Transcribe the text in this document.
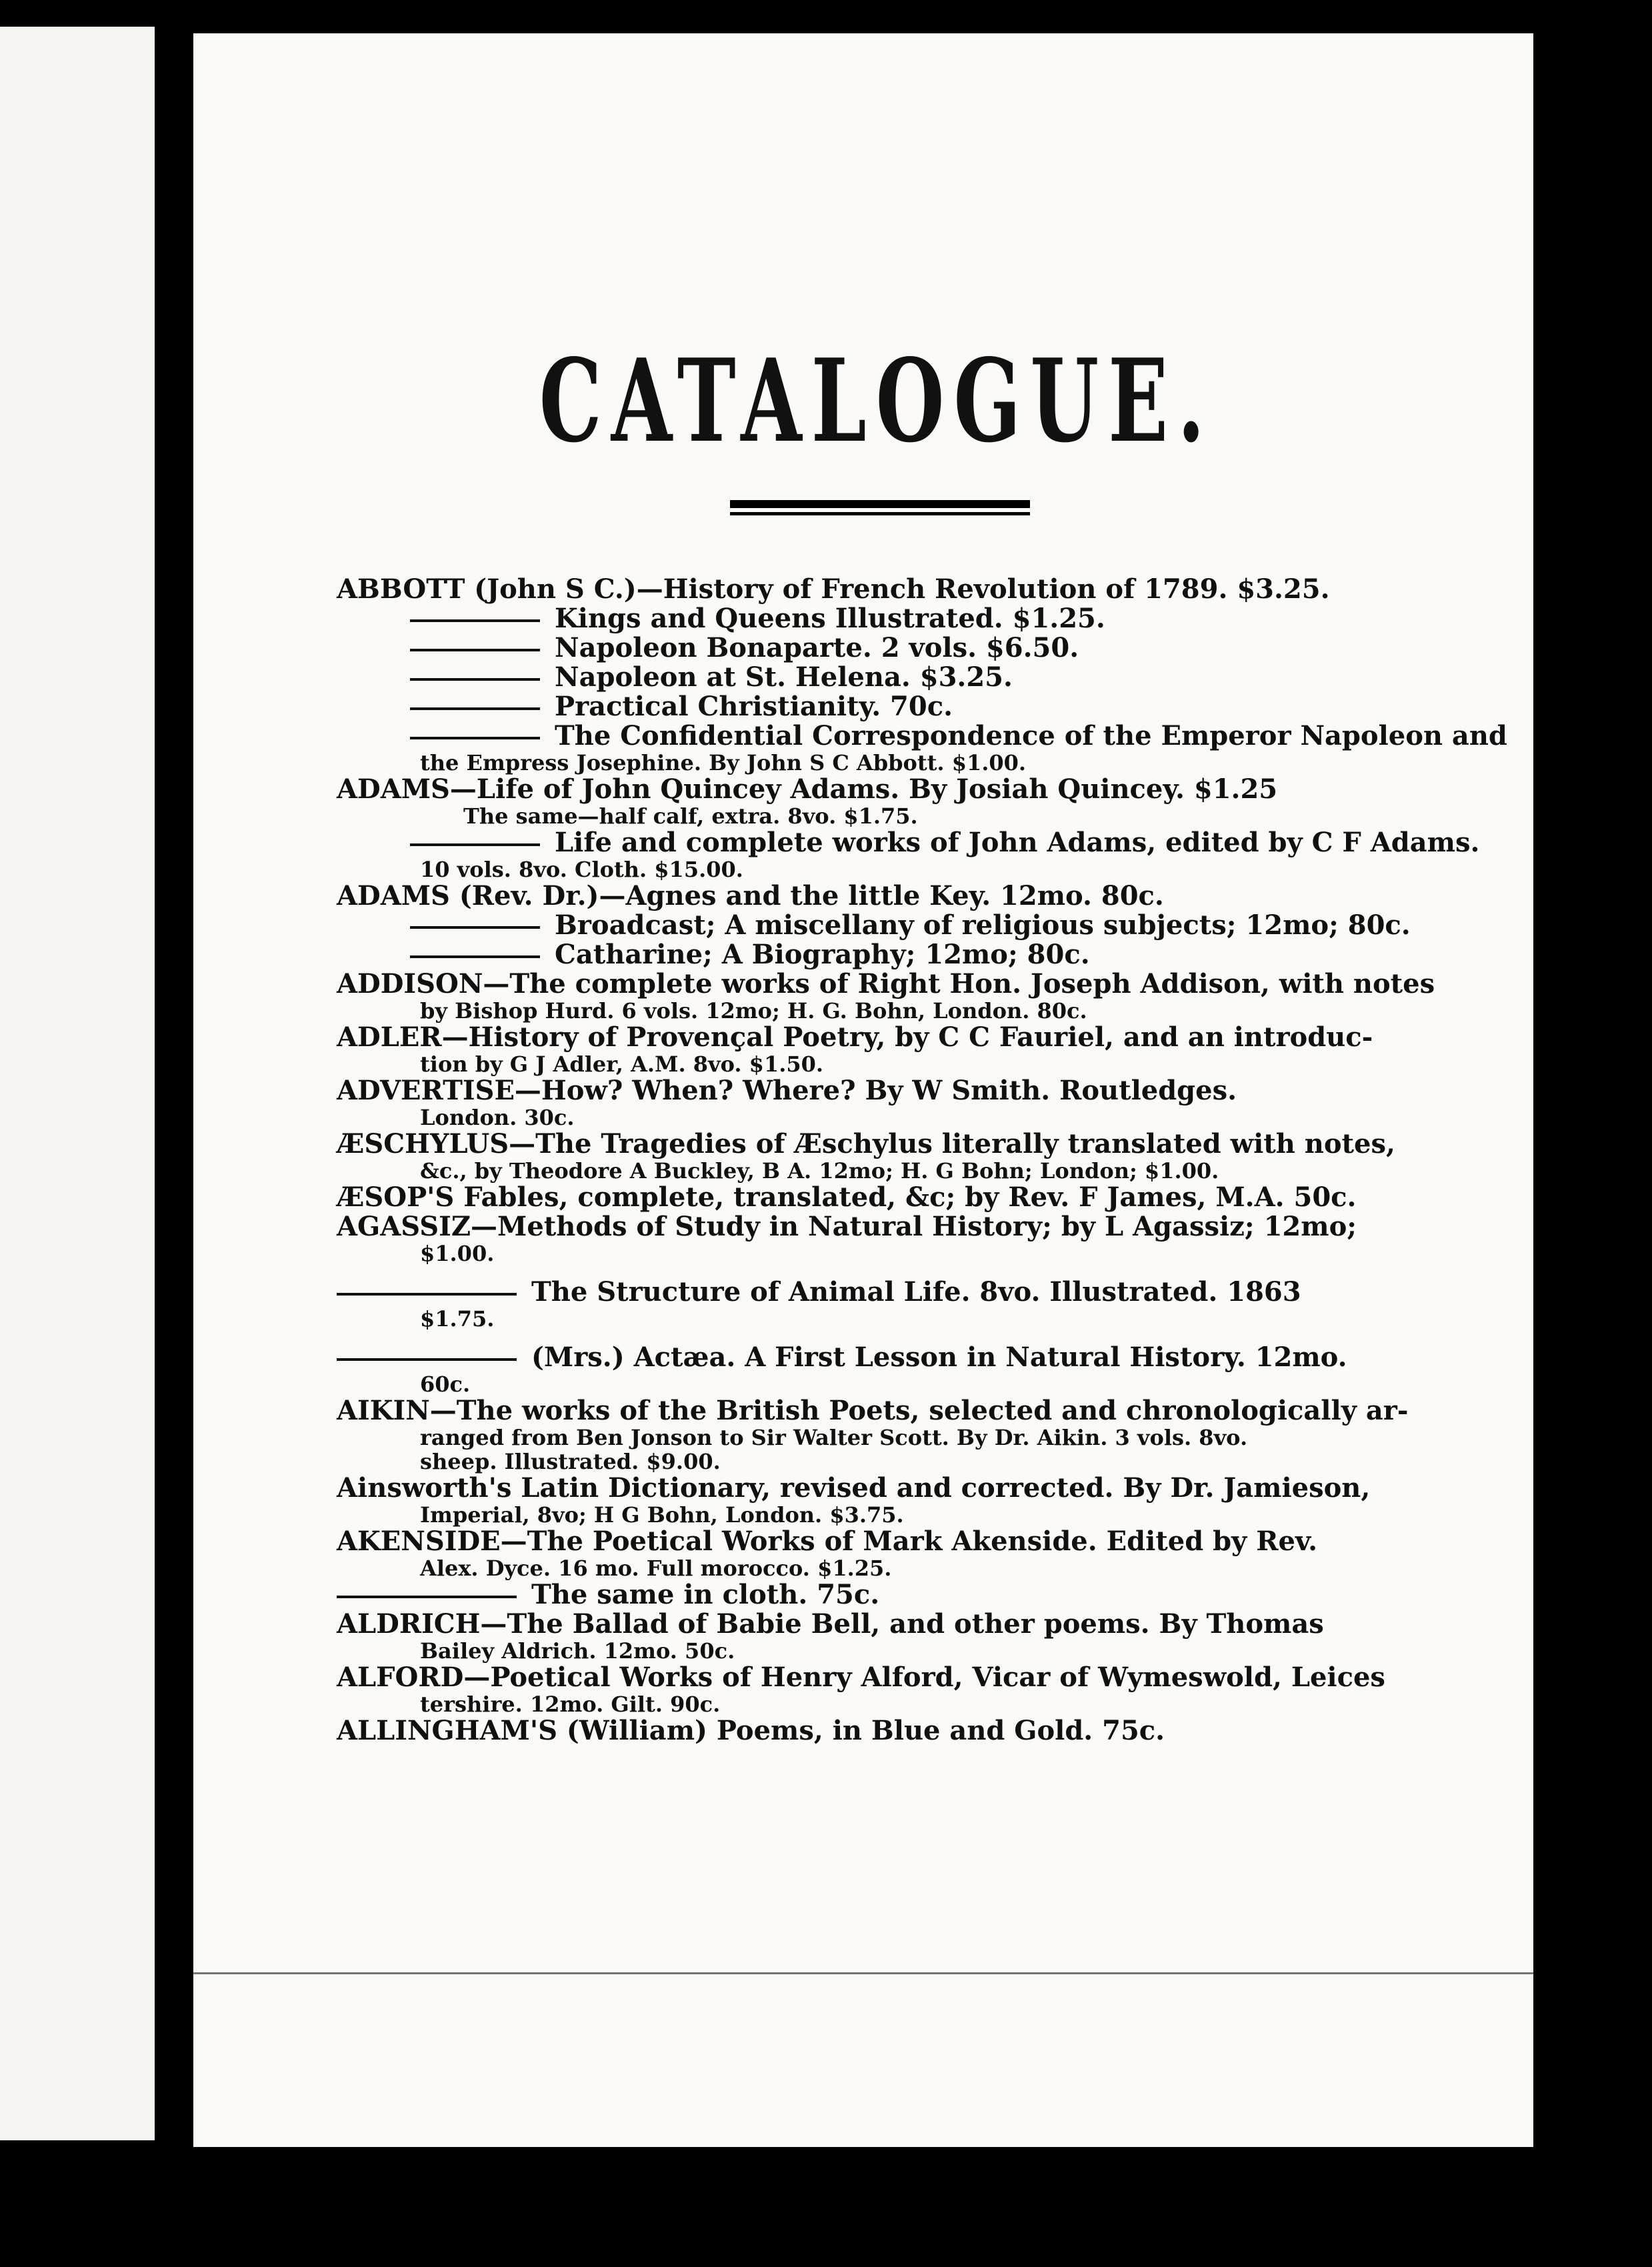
CATALOGUE.
ABBOTT (John S C.)—History of French Revolution of 1789. $3.25.
Kings and Queens Illustrated. $1.25.
Napoleon Bonaparte. 2 vols. $6.50.
Napoleon at St. Helena. $3.25.
Practical Christianity. 70c.
The Confidential Correspondence of the Emperor Napoleon and
the Empress Josephine. By John S C Abbott. $1.00.
ADAMS—Life of John Quincey Adams. By Josiah Quincey. $1.25
The same—half calf, extra. 8vo. $1.75.
Life and complete works of John Adams, edited by C F Adams.
10 vols. 8vo. Cloth. $15.00.
ADAMS (Rev. Dr.)—Agnes and the little Key. 12mo. 80c.
Broadcast; A miscellany of religious subjects; 12mo; 80c.
Catharine; A Biography; 12mo; 80c.
ADDISON—The complete works of Right Hon. Joseph Addison, with notes
by Bishop Hurd. 6 vols. 12mo; H. G. Bohn, London. 80c.
ADLER—History of Provençal Poetry, by C C Fauriel, and an introduc-
tion by G J Adler, A.M. 8vo. $1.50.
ADVERTISE—How? When? Where? By W Smith. Routledges.
London. 30c.
ÆSCHYLUS—The Tragedies of Æschylus literally translated with notes,
&c., by Theodore A Buckley, B A. 12mo; H. G Bohn; London; $1.00.
ÆSOP'S Fables, complete, translated, &c; by Rev. F James, M.A. 50c.
AGASSIZ—Methods of Study in Natural History; by L Agassiz; 12mo;
$1.00.
The Structure of Animal Life. 8vo. Illustrated. 1863
$1.75.
(Mrs.) Actæa. A First Lesson in Natural History. 12mo.
60c.
AIKIN—The works of the British Poets, selected and chronologically ar-
ranged from Ben Jonson to Sir Walter Scott. By Dr. Aikin. 3 vols. 8vo.
sheep. Illustrated. $9.00.
Ainsworth's Latin Dictionary, revised and corrected. By Dr. Jamieson,
Imperial, 8vo; H G Bohn, London. $3.75.
AKENSIDE—The Poetical Works of Mark Akenside. Edited by Rev.
Alex. Dyce. 16 mo. Full morocco. $1.25.
The same in cloth. 75c.
ALDRICH—The Ballad of Babie Bell, and other poems. By Thomas
Bailey Aldrich. 12mo. 50c.
ALFORD—Poetical Works of Henry Alford, Vicar of Wymeswold, Leices
tershire. 12mo. Gilt. 90c.
ALLINGHAM'S (William) Poems, in Blue and Gold. 75c.
